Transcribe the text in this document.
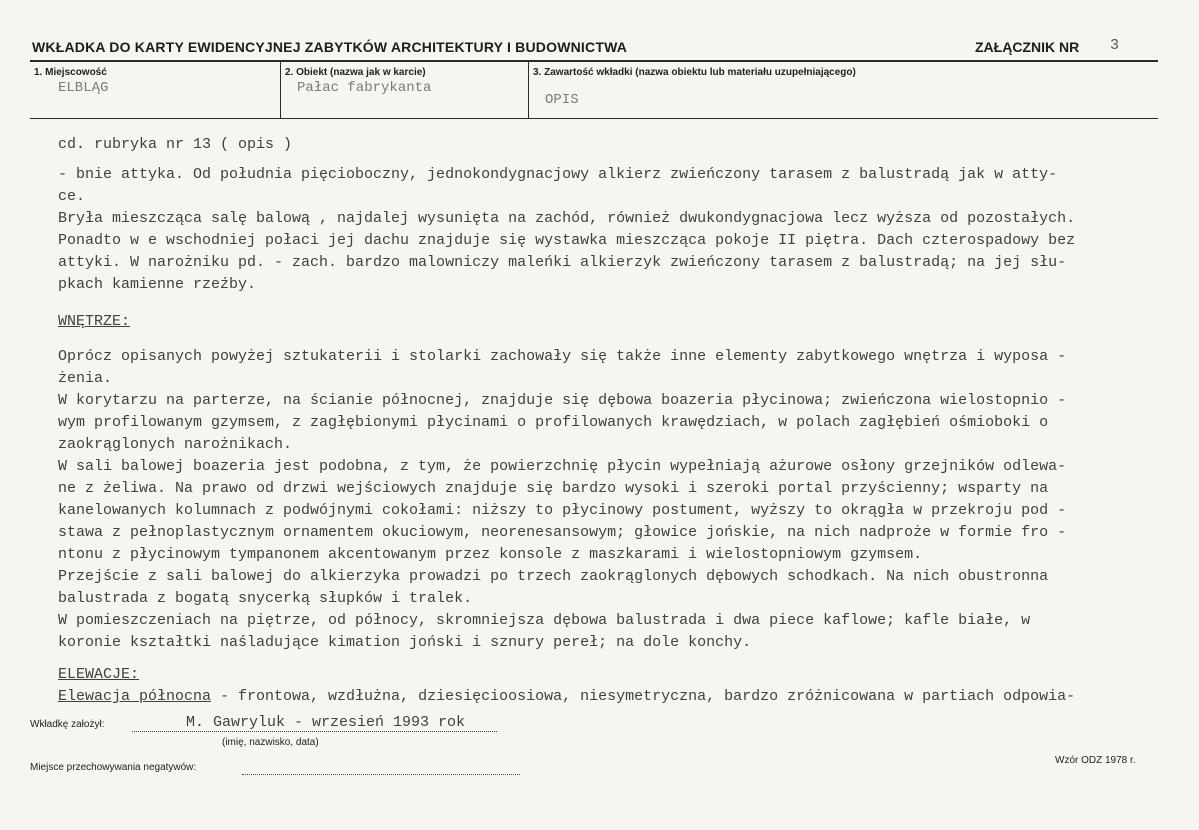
WKŁADKA DO KARTY EWIDENCYJNEJ ZABYTKÓW ARCHITEKTURY I BUDOWNICTWA	ZAŁĄCZNIK NR 3
1. Miejscowość
ELBLĄG
2. Obiekt (nazwa jak w karcie)
Pałac fabrykanta
3. Zawartość wkładki (nazwa obiektu lub materiału uzupełniającego)
OPIS
cd. rubryka nr 13 ( opis )
- bnie attyka. Od południa pięcioboczny, jednokondygnacjowy alkierz zwieńczony tarasem z balustradą jak w atty-
ce.
Bryła mieszcząca salę balową , najdalej wysunięta na zachód, również dwukondygnacjowa lecz wyższa od pozostałych.
Ponadto w e wschodniej połaci jej dachu znajduje się wystawka mieszcząca pokoje II piętra. Dach czterospadowy bez
attyki. W narożniku pd. - zach. bardzo malowniczy maleńki alkierzyk zwieńczony tarasem z balustradą; na jej słu-
pkach kamienne rzeźby.
WNĘTRZE:
Oprócz opisanych powyżej sztukaterii i stolarki zachowały się także inne elementy zabytkowego wnętrza i wyposa -
żenia.
W korytarzu na parterze, na ścianie północnej, znajduje się dębowa boazeria płycinowa; zwieńczona wielostopnio -
wym profilowanym gzymsem, z zagłębionymi płycinami o profilowanych krawędziach, w polach zagłębień ośmioboki o
zaokrąglonych narożnikach.
W sali balowej boazeria jest podobna, z tym, że powierzchnię płycin wypełniają ażurowe osłony grzejników odlewa-
ne z żeliwa. Na prawo od drzwi wejściowych znajduje się bardzo wysoki i szeroki portal przyścienny; wsparty na
kanelowanych kolumnach z podwójnymi cokołami: niższy to płycinowy postument, wyższy to okrągła w przekroju pod -
stawa z pełnoplastycznym ornamentem okuciowym, neorenesansowym; głowice jońskie, na nich nadproże w formie fro -
ntonu z płycinowym tympanonem akcentowanym przez konsole z maszkarami i wielostopniowym gzymsem.
Przejście z sali balowej do alkierzyka prowadzi po trzech zaokrąglonych dębowych schodkach. Na nich obustronna
balustrada z bogatą snycerką słupków i tralek.
W pomieszczeniach na piętrze, od północy, skromniejsza dębowa balustrada i dwa piece kaflowe; kafle białe, w
koronie kształtki naśladujące kimation joński i sznury pereł; na dole konchy.
ELEWACJE:
Elewacja północna - frontowa, wzdłużna, dziesięcioosiowa, niesymetryczna, bardzo zróżnicowana w partiach odpowia-
Wkładkę założył:	M. Gawryluk - wrzesień 1993 rok
(imię, nazwisko, data)
Miejsce przechowywania negatywów:
Wzór ODZ 1978 r.
